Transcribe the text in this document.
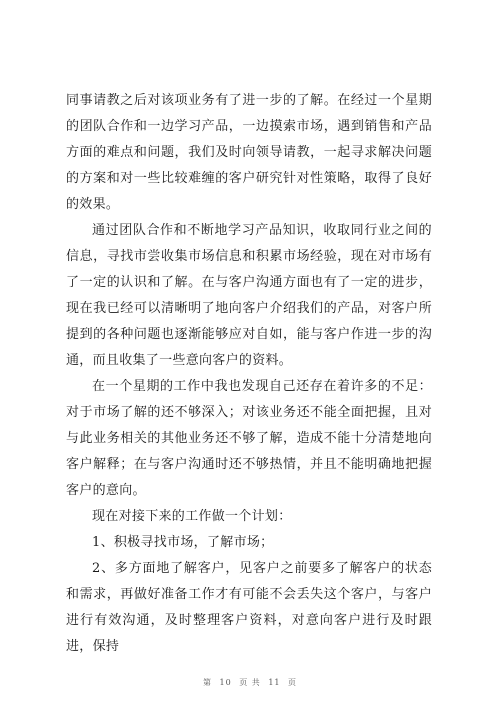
同事请教之后对该项业务有了进一步的了解。在经过一个星期的团队合作和一边学习产品，一边摸索市场，遇到销售和产品方面的难点和问题，我们及时向领导请教，一起寻求解决问题的方案和对一些比较难缠的客户研究针对性策略，取得了良好的效果。

通过团队合作和不断地学习产品知识，收取同行业之间的信息，寻找市尝收集市场信息和积累市场经验，现在对市场有了一定的认识和了解。在与客户沟通方面也有了一定的进步，现在我已经可以清晰明了地向客户介绍我们的产品，对客户所提到的各种问题也逐渐能够应对自如，能与客户作进一步的沟通，而且收集了一些意向客户的资料。

在一个星期的工作中我也发现自己还存在着许多的不足：对于市场了解的还不够深入；对该业务还不能全面把握，且对与此业务相关的其他业务还不够了解，造成不能十分清楚地向客户解释；在与客户沟通时还不够热情，并且不能明确地把握客户的意向。

现在对接下来的工作做一个计划：

1、积极寻找市场，了解市场；

2、多方面地了解客户，见客户之前要多了解客户的状态和需求，再做好准备工作才有可能不会丢失这个客户，与客户进行有效沟通，及时整理客户资料，对意向客户进行及时跟进，保持

第 10 页 共 11 页
